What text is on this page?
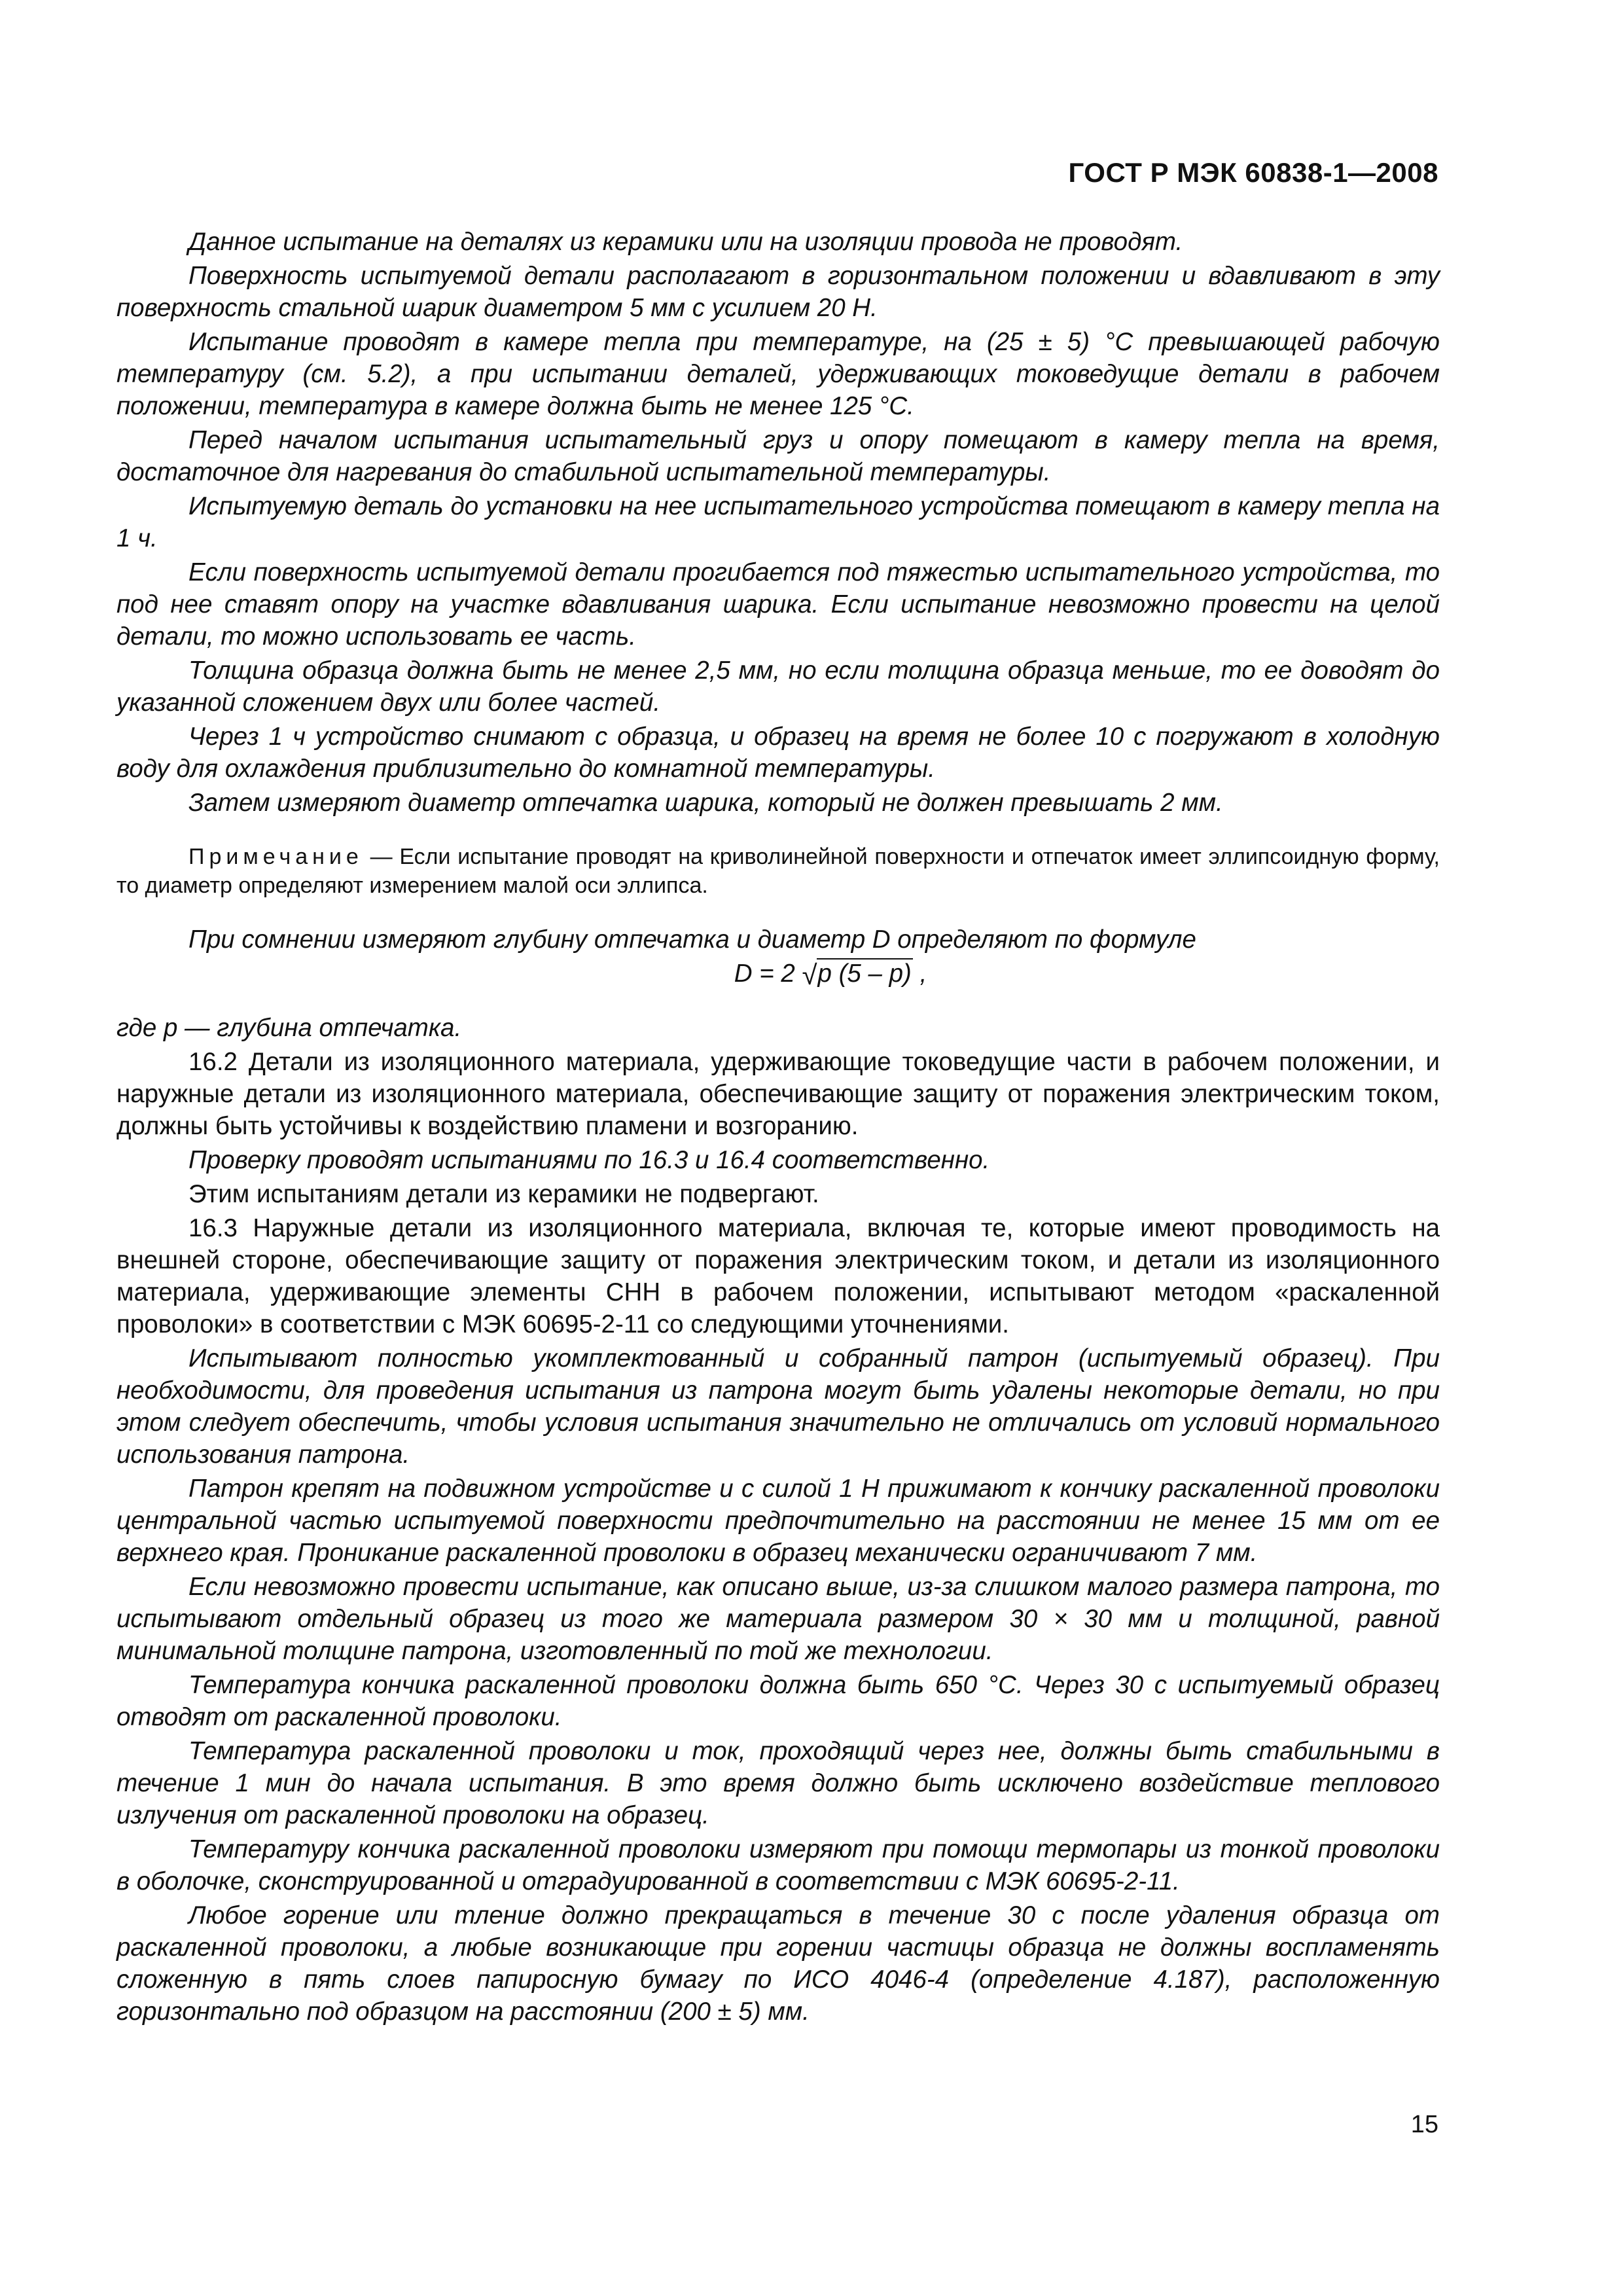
ГОСТ Р МЭК 60838-1—2008

Данное испытание на деталях из керамики или на изоляции провода не проводят.

Поверхность испытуемой детали располагают в горизонтальном положении и вдавливают в эту поверхность стальной шарик диаметром 5 мм с усилием 20 Н.

Испытание проводят в камере тепла при температуре, на (25 ± 5) °С превышающей рабочую температуру (см. 5.2), а при испытании деталей, удерживающих токоведущие детали в рабочем положении, температура в камере должна быть не менее 125 °С.

Перед началом испытания испытательный груз и опору помещают в камеру тепла на время, достаточное для нагревания до стабильной испытательной температуры.

Испытуемую деталь до установки на нее испытательного устройства помещают в камеру тепла на 1 ч.

Если поверхность испытуемой детали прогибается под тяжестью испытательного устройства, то под нее ставят опору на участке вдавливания шарика. Если испытание невозможно провести на целой детали, то можно использовать ее часть.

Толщина образца должна быть не менее 2,5 мм, но если толщина образца меньше, то ее доводят до указанной сложением двух или более частей.

Через 1 ч устройство снимают с образца, и образец на время не более 10 с погружают в холодную воду для охлаждения приблизительно до комнатной температуры.

Затем измеряют диаметр отпечатка шарика, который не должен превышать 2 мм.

Примечание — Если испытание проводят на криволинейной поверхности и отпечаток имеет эллипсоидную форму, то диаметр определяют измерением малой оси эллипса.

При сомнении измеряют глубину отпечатка и диаметр D определяют по формуле

D = 2 √ p (5 – p) ,

где p — глубина отпечатка.

16.2 Детали из изоляционного материала, удерживающие токоведущие части в рабочем положении, и наружные детали из изоляционного материала, обеспечивающие защиту от поражения электрическим током, должны быть устойчивы к воздействию пламени и возгоранию.

Проверку проводят испытаниями по 16.3 и 16.4 соответственно.

Этим испытаниям детали из керамики не подвергают.

16.3 Наружные детали из изоляционного материала, включая те, которые имеют проводимость на внешней стороне, обеспечивающие защиту от поражения электрическим током, и детали из изоляционного материала, удерживающие элементы СНН в рабочем положении, испытывают методом «раскаленной проволоки» в соответствии с МЭК 60695-2-11 со следующими уточнениями.

Испытывают полностью укомплектованный и собранный патрон (испытуемый образец). При необходимости, для проведения испытания из патрона могут быть удалены некоторые детали, но при этом следует обеспечить, чтобы условия испытания значительно не отличались от условий нормального использования патрона.

Патрон крепят на подвижном устройстве и с силой 1 Н прижимают к кончику раскаленной проволоки центральной частью испытуемой поверхности предпочтительно на расстоянии не менее 15 мм от ее верхнего края. Проникание раскаленной проволоки в образец механически ограничивают 7 мм.

Если невозможно провести испытание, как описано выше, из-за слишком малого размера патрона, то испытывают отдельный образец из того же материала размером 30 × 30 мм и толщиной, равной минимальной толщине патрона, изготовленный по той же технологии.

Температура кончика раскаленной проволоки должна быть 650 °С. Через 30 с испытуемый образец отводят от раскаленной проволоки.

Температура раскаленной проволоки и ток, проходящий через нее, должны быть стабильными в течение 1 мин до начала испытания. В это время должно быть исключено воздействие теплового излучения от раскаленной проволоки на образец.

Температуру кончика раскаленной проволоки измеряют при помощи термопары из тонкой проволоки в оболочке, сконструированной и отградуированной в соответствии с МЭК 60695-2-11.

Любое горение или тление должно прекращаться в течение 30 с после удаления образца от раскаленной проволоки, а любые возникающие при горении частицы образца не должны воспламенять сложенную в пять слоев папиросную бумагу по ИСО 4046-4 (определение 4.187), расположенную горизонтально под образцом на расстоянии (200 ± 5) мм.

15
